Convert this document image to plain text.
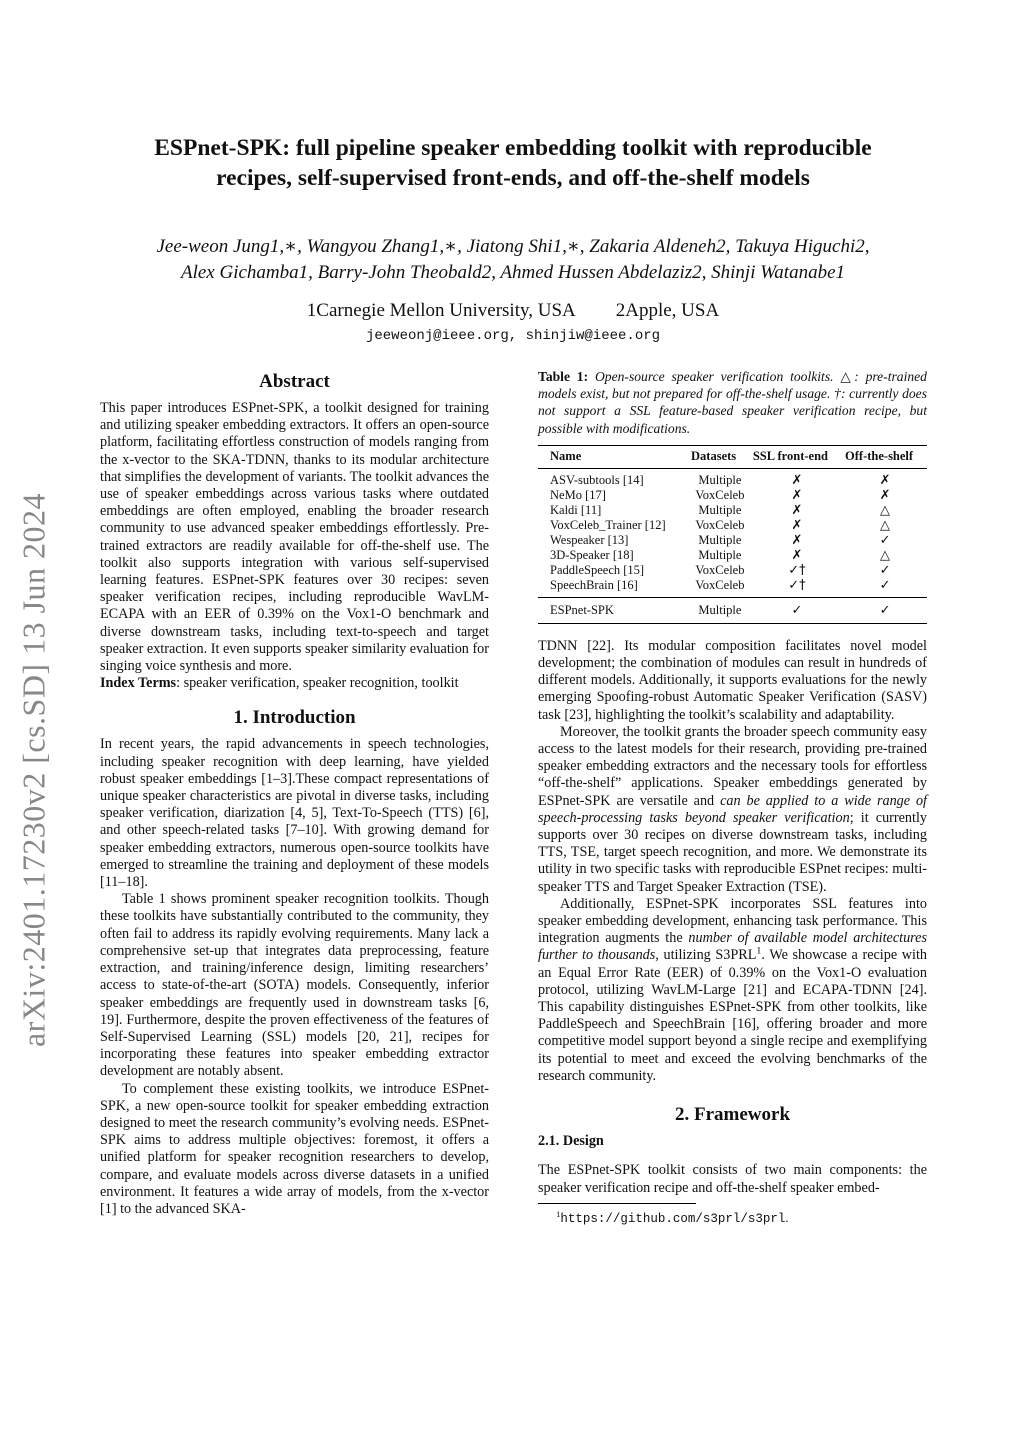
arXiv:2401.17230v2 [cs.SD] 13 Jun 2024
ESPnet-SPK: full pipeline speaker embedding toolkit with reproducible
recipes, self-supervised front-ends, and off-the-shelf models
Jee-weon Jung1,∗, Wangyou Zhang1,∗, Jiatong Shi1,∗, Zakaria Aldeneh2, Takuya Higuchi2,
Alex Gichamba1, Barry-John Theobald2, Ahmed Hussen Abdelaziz2, Shinji Watanabe1
1Carnegie Mellon University, USA 2Apple, USA
jeeweonj@ieee.org, shinjiw@ieee.org
Abstract

This paper introduces ESPnet-SPK, a toolkit designed for training and utilizing speaker embedding extractors. It offers an open-source platform, facilitating effortless construction of models ranging from the x-vector to the SKA-TDNN, thanks to its modular architecture that simplifies the development of variants. The toolkit advances the use of speaker embeddings across various tasks where outdated embeddings are often employed, enabling the broader research community to use advanced speaker embeddings effortlessly. Pre-trained extractors are readily available for off-the-shelf use. The toolkit also supports integration with various self-supervised learning features. ESPnet-SPK features over 30 recipes: seven speaker verification recipes, including reproducible WavLM-ECAPA with an EER of 0.39% on the Vox1-O benchmark and diverse downstream tasks, including text-to-speech and target speaker extraction. It even supports speaker similarity evaluation for singing voice synthesis and more.

Index Terms: speaker verification, speaker recognition, toolkit

1. Introduction

In recent years, the rapid advancements in speech technologies, including speaker recognition with deep learning, have yielded robust speaker embeddings [1–3].These compact representations of unique speaker characteristics are pivotal in diverse tasks, including speaker verification, diarization [4, 5], Text-To-Speech (TTS) [6], and other speech-related tasks [7–10]. With growing demand for speaker embedding extractors, numerous open-source toolkits have emerged to streamline the training and deployment of these models [11–18].

Table 1 shows prominent speaker recognition toolkits. Though these toolkits have substantially contributed to the community, they often fail to address its rapidly evolving requirements. Many lack a comprehensive set-up that integrates data preprocessing, feature extraction, and training/inference design, limiting researchers’ access to state-of-the-art (SOTA) models. Consequently, inferior speaker embeddings are frequently used in downstream tasks [6, 19]. Furthermore, despite the proven effectiveness of the features of Self-Supervised Learning (SSL) models [20, 21], recipes for incorporating these features into speaker embedding extractor development are notably absent.

To complement these existing toolkits, we introduce ESPnet-SPK, a new open-source toolkit for speaker embedding extraction designed to meet the research community’s evolving needs. ESPnet-SPK aims to address multiple objectives: foremost, it offers a unified platform for speaker recognition researchers to develop, compare, and evaluate models across diverse datasets in a unified environment. It features a wide array of models, from the x-vector [1] to the advanced SKA-

Table 1: Open-source speaker verification toolkits. △: pre-trained models exist, but not prepared for off-the-shelf usage. †: currently does not support a SSL feature-based speaker verification recipe, but possible with modifications.
Name	Datasets	SSL front-end	Off-the-shelf
ASV-subtools [14]	Multiple	✗	✗
NeMo [17]	VoxCeleb	✗	✗
Kaldi [11]	Multiple	✗	△
VoxCeleb_Trainer [12]	VoxCeleb	✗	△
Wespeaker [13]	Multiple	✗	✓
3D-Speaker [18]	Multiple	✗	△
PaddleSpeech [15]	VoxCeleb	✓†	✓
SpeechBrain [16]	VoxCeleb	✓†	✓
ESPnet-SPK	Multiple	✓	✓

TDNN [22]. Its modular composition facilitates novel model development; the combination of modules can result in hundreds of different models. Additionally, it supports evaluations for the newly emerging Spoofing-robust Automatic Speaker Verification (SASV) task [23], highlighting the toolkit’s scalability and adaptability.

Moreover, the toolkit grants the broader speech community easy access to the latest models for their research, providing pre-trained speaker embedding extractors and the necessary tools for effortless “off-the-shelf” applications. Speaker embeddings generated by ESPnet-SPK are versatile and can be applied to a wide range of speech-processing tasks beyond speaker verification; it currently supports over 30 recipes on diverse downstream tasks, including TTS, TSE, target speech recognition, and more. We demonstrate its utility in two specific tasks with reproducible ESPnet recipes: multi-speaker TTS and Target Speaker Extraction (TSE).

Additionally, ESPnet-SPK incorporates SSL features into speaker embedding development, enhancing task performance. This integration augments the number of available model architectures further to thousands, utilizing S3PRL$^1$. We showcase a recipe with an Equal Error Rate (EER) of 0.39% on the Vox1-O evaluation protocol, utilizing WavLM-Large [21] and ECAPA-TDNN [24]. This capability distinguishes ESPnet-SPK from other toolkits, like PaddleSpeech and SpeechBrain [16], offering broader and more competitive model support beyond a single recipe and exemplifying its potential to meet and exceed the evolving benchmarks of the research community.

2. Framework
2.1. Design

The ESPnet-SPK toolkit consists of two main components: the speaker verification recipe and off-the-shelf speaker embed-

$^1$https://github.com/s3prl/s3prl.
